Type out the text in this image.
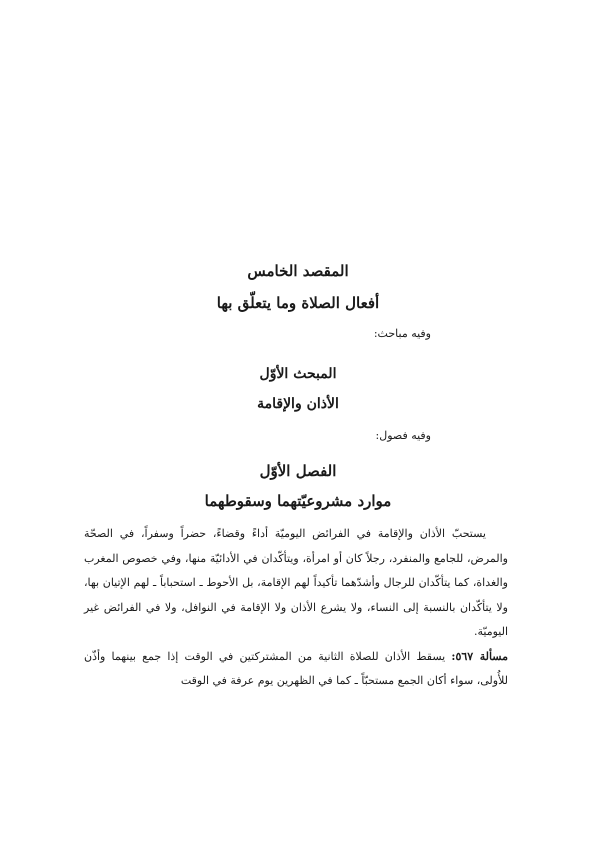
المقصد الخامس
أفعال الصلاة وما يتعلّق بها
وفيه مباحث:
المبحث الأوّل
الأذان والإقامة
وفيه فصول:
الفصل الأوّل
موارد مشروعيّتهما وسقوطهما

يستحبّ الأذان والإقامة في الفرائض اليوميّة أداءً وقضاءً، حضراً وسفراً، في الصحّة والمرض، للجامع والمنفرد، رجلاً كان أو امرأة، ويتأكّدان في الأدائيّة منها، وفي خصوص المغرب والغداة، كما يتأكّدان للرجال وأشدّهما تأكيداً لهم الإقامة، بل الأحوط ـ استحباباً ـ لهم الإتيان بها، ولا يتأكّدان بالنسبة إلى النساء، ولا يشرع الأذان ولا الإقامة في النوافل، ولا في الفرائض غير اليوميّة.

مسألة ٥٦٧: يسقط الأذان للصلاة الثانية من المشتركتين في الوقت إذا جمع بينهما وأذّن للأُولى، سواء أكان الجمع مستحبّاً ـ كما في الظهرين يوم عرفة في الوقت
